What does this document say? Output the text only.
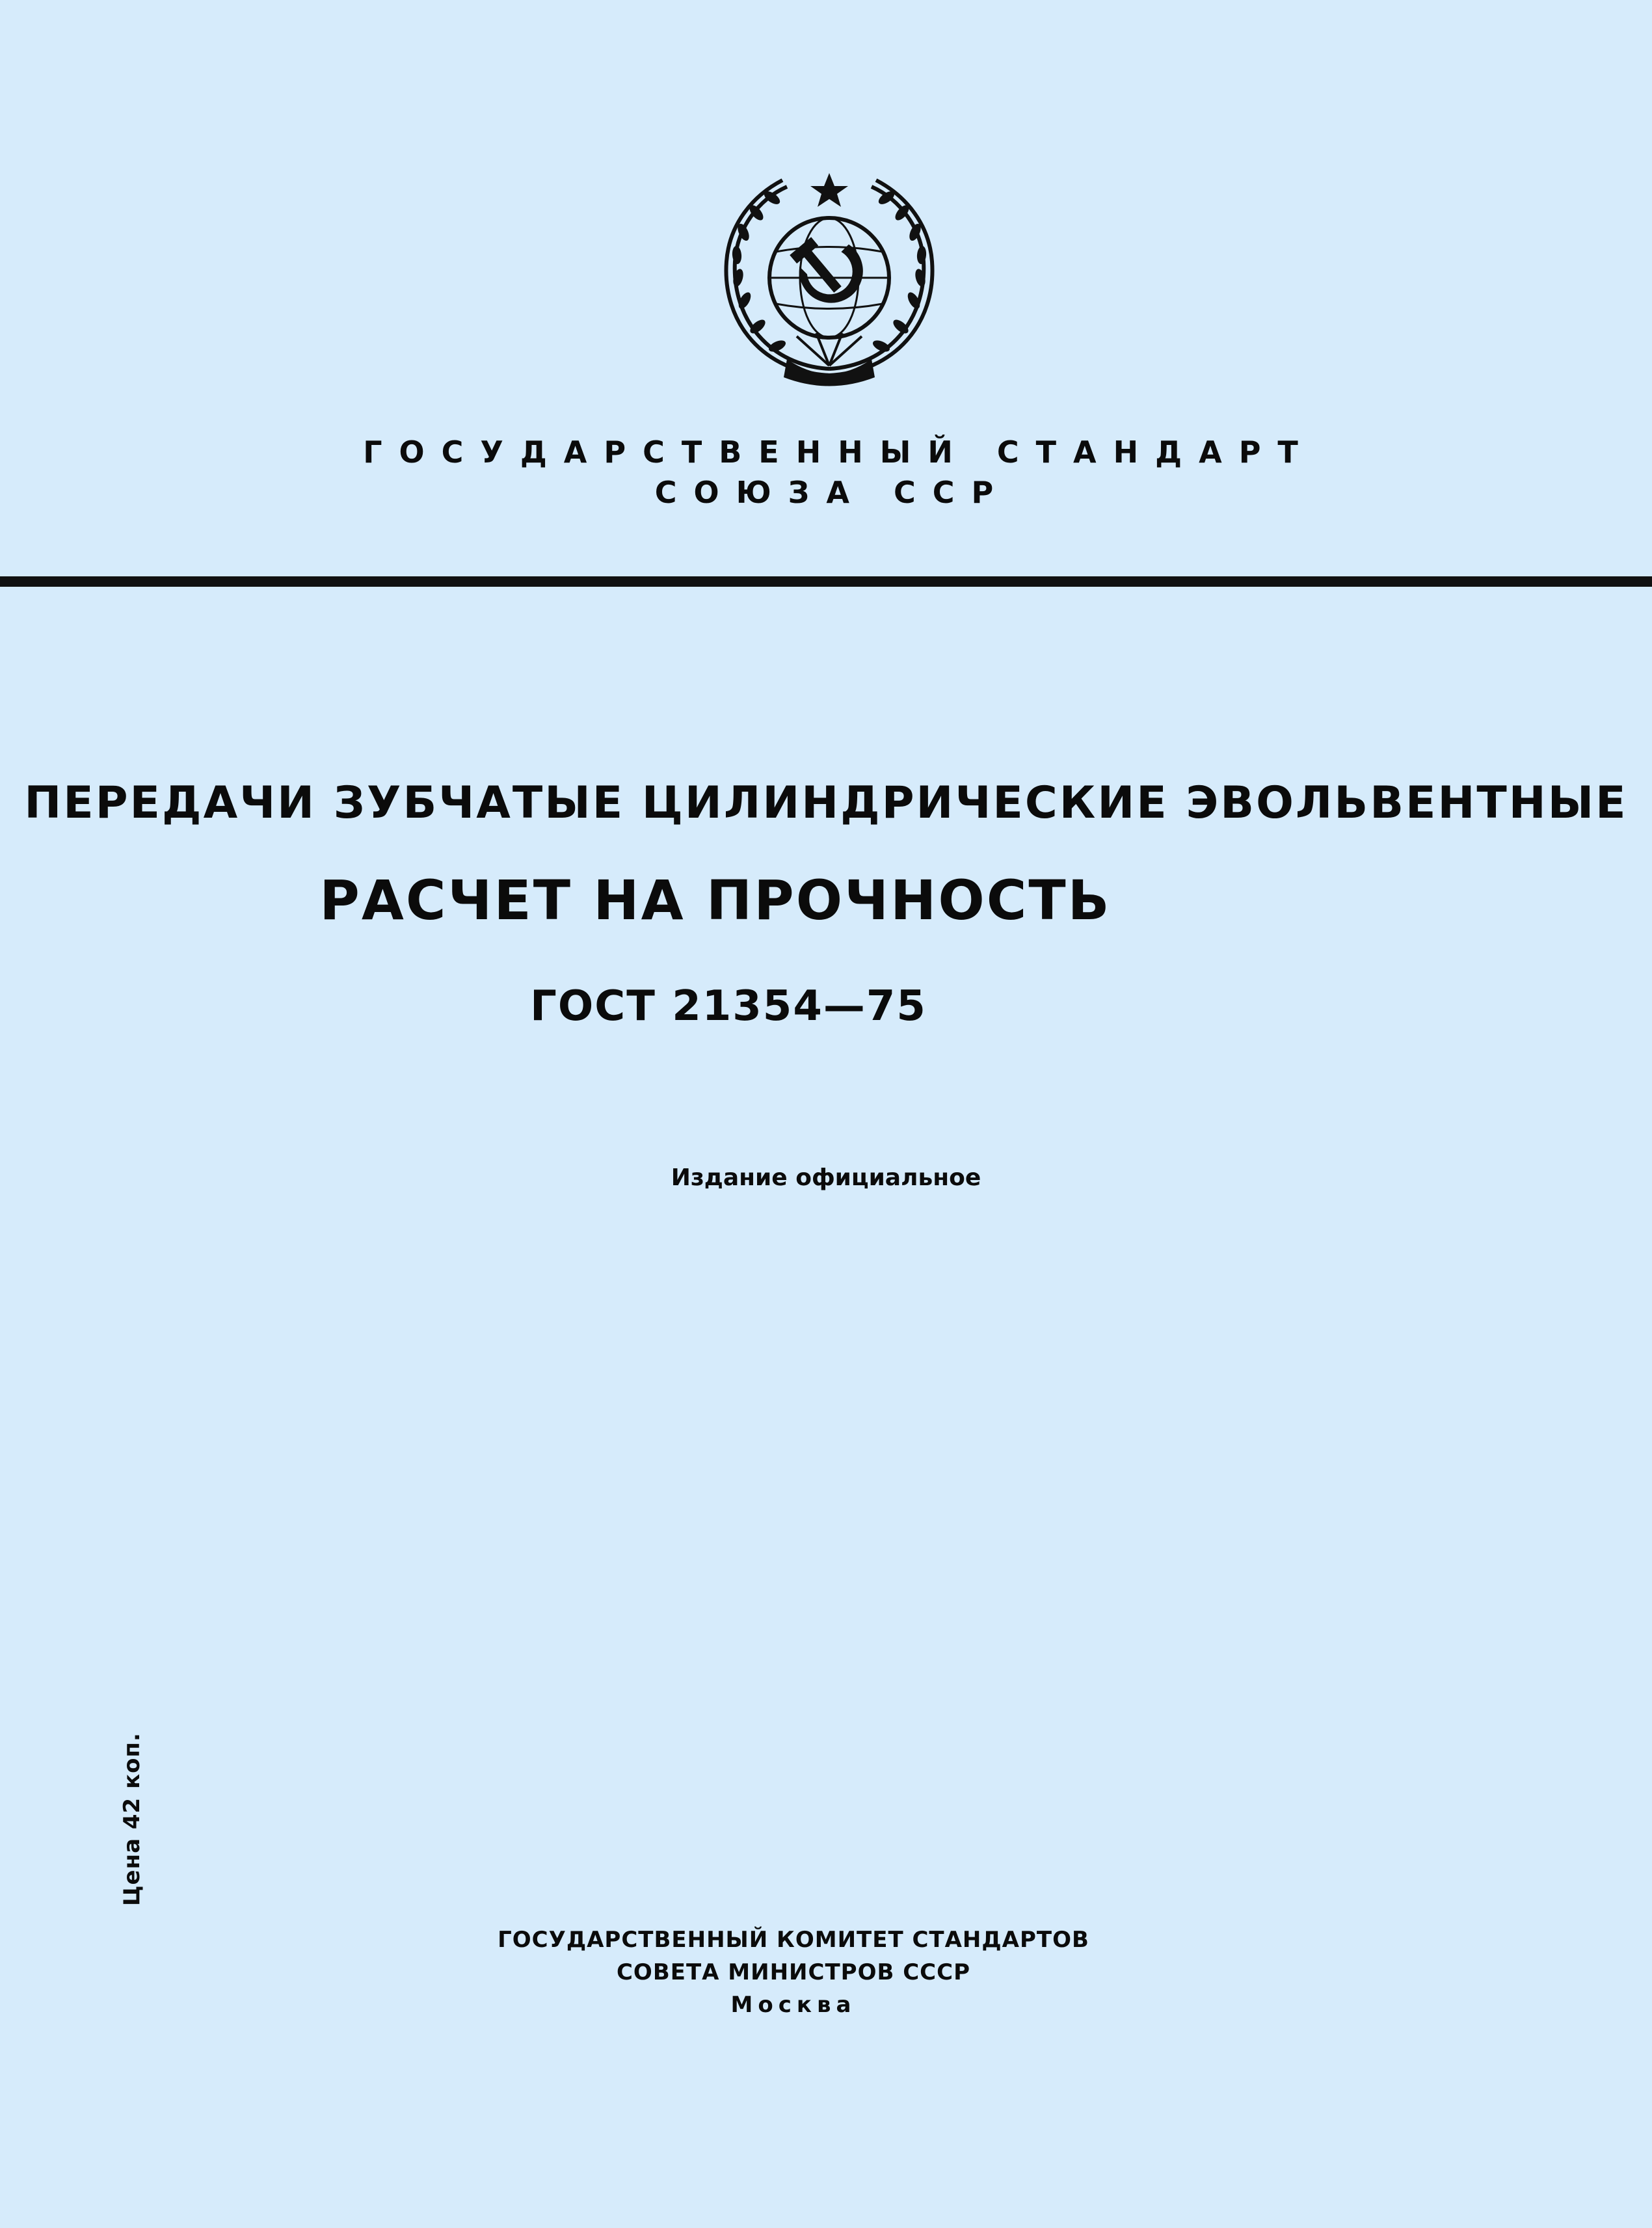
ГОСУДАРСТВЕННЫЙ СТАНДАРТ
СОЮЗА ССР
ПЕРЕДАЧИ ЗУБЧАТЫЕ ЦИЛИНДРИЧЕСКИЕ ЭВОЛЬВЕНТНЫЕ
РАСЧЕТ НА ПРОЧНОСТЬ
ГОСТ 21354—75
Издание официальное
Цена 42 коп.
ГОСУДАРСТВЕННЫЙ КОМИТЕТ СТАНДАРТОВ
СОВЕТА МИНИСТРОВ СССР
Москва
